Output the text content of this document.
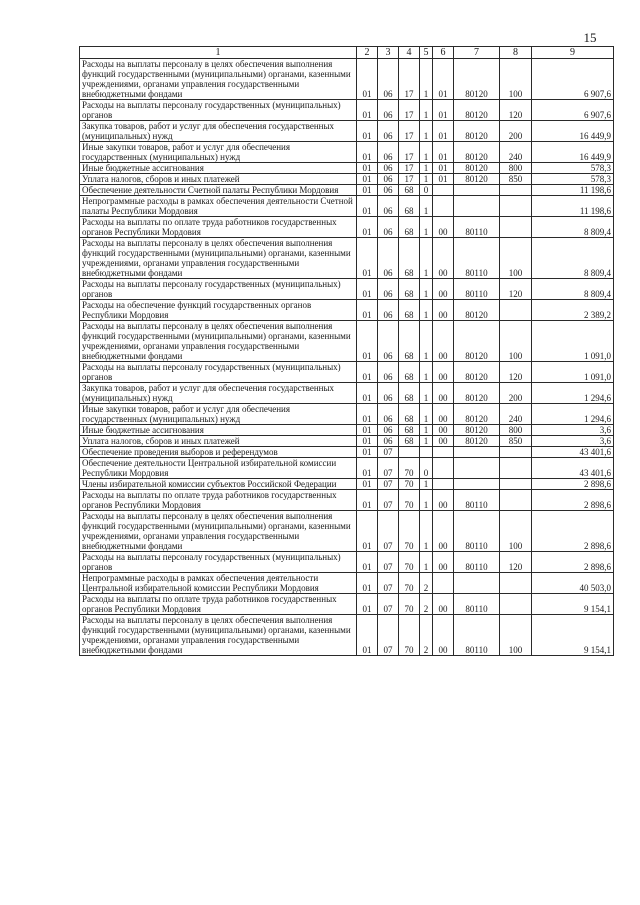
15
1	2	3	4	5	6	7	8	9
Расходы на выплаты персоналу в целях обеспечения выполнения функций государственными (муниципальными) органами, казенными учреждениями, органами управления государственными внебюджетными фондами	01	06	17	1	01	80120	100	6 907,6
Расходы на выплаты персоналу государственных (муниципальных) органов	01	06	17	1	01	80120	120	6 907,6
Закупка товаров, работ и услуг для обеспечения государственных (муниципальных) нужд	01	06	17	1	01	80120	200	16 449,9
Иные закупки товаров, работ и услуг для обеспечения государственных (муниципальных) нужд	01	06	17	1	01	80120	240	16 449,9
Иные бюджетные ассигнования	01	06	17	1	01	80120	800	578,3
Уплата налогов, сборов и иных платежей	01	06	17	1	01	80120	850	578,3
Обеспечение деятельности Счетной палаты Республики Мордовия	01	06	68	0				11 198,6
Непрограммные расходы в рамках обеспечения деятельности Счетной палаты Республики Мордовия	01	06	68	1				11 198,6
Расходы на выплаты по оплате труда работников государственных органов Республики Мордовия	01	06	68	1	00	80110		8 809,4
Расходы на выплаты персоналу в целях обеспечения выполнения функций государственными (муниципальными) органами, казенными учреждениями, органами управления государственными внебюджетными фондами	01	06	68	1	00	80110	100	8 809,4
Расходы на выплаты персоналу государственных (муниципальных) органов	01	06	68	1	00	80110	120	8 809,4
Расходы на обеспечение функций государственных органов Республики Мордовия	01	06	68	1	00	80120		2 389,2
Расходы на выплаты персоналу в целях обеспечения выполнения функций государственными (муниципальными) органами, казенными учреждениями, органами управления государственными внебюджетными фондами	01	06	68	1	00	80120	100	1 091,0
Расходы на выплаты персоналу государственных (муниципальных) органов	01	06	68	1	00	80120	120	1 091,0
Закупка товаров, работ и услуг для обеспечения государственных (муниципальных) нужд	01	06	68	1	00	80120	200	1 294,6
Иные закупки товаров, работ и услуг для обеспечения государственных (муниципальных) нужд	01	06	68	1	00	80120	240	1 294,6
Иные бюджетные ассигнования	01	06	68	1	00	80120	800	3,6
Уплата налогов, сборов и иных платежей	01	06	68	1	00	80120	850	3,6
Обеспечение проведения выборов и референдумов	01	07						43 401,6
Обеспечение деятельности Центральной избирательной комиссии Республики Мордовия	01	07	70	0				43 401,6
Члены избирательной комиссии субъектов Российской Федерации	01	07	70	1				2 898,6
Расходы на выплаты по оплате труда работников государственных органов Республики Мордовия	01	07	70	1	00	80110		2 898,6
Расходы на выплаты персоналу в целях обеспечения выполнения функций государственными (муниципальными) органами, казенными учреждениями, органами управления государственными внебюджетными фондами	01	07	70	1	00	80110	100	2 898,6
Расходы на выплаты персоналу государственных (муниципальных) органов	01	07	70	1	00	80110	120	2 898,6
Непрограммные расходы в рамках обеспечения деятельности Центральной избирательной комиссии Республики Мордовия	01	07	70	2				40 503,0
Расходы на выплаты по оплате труда работников государственных органов Республики Мордовия	01	07	70	2	00	80110		9 154,1
Расходы на выплаты персоналу в целях обеспечения выполнения функций государственными (муниципальными) органами, казенными учреждениями, органами управления государственными внебюджетными фондами	01	07	70	2	00	80110	100	9 154,1
